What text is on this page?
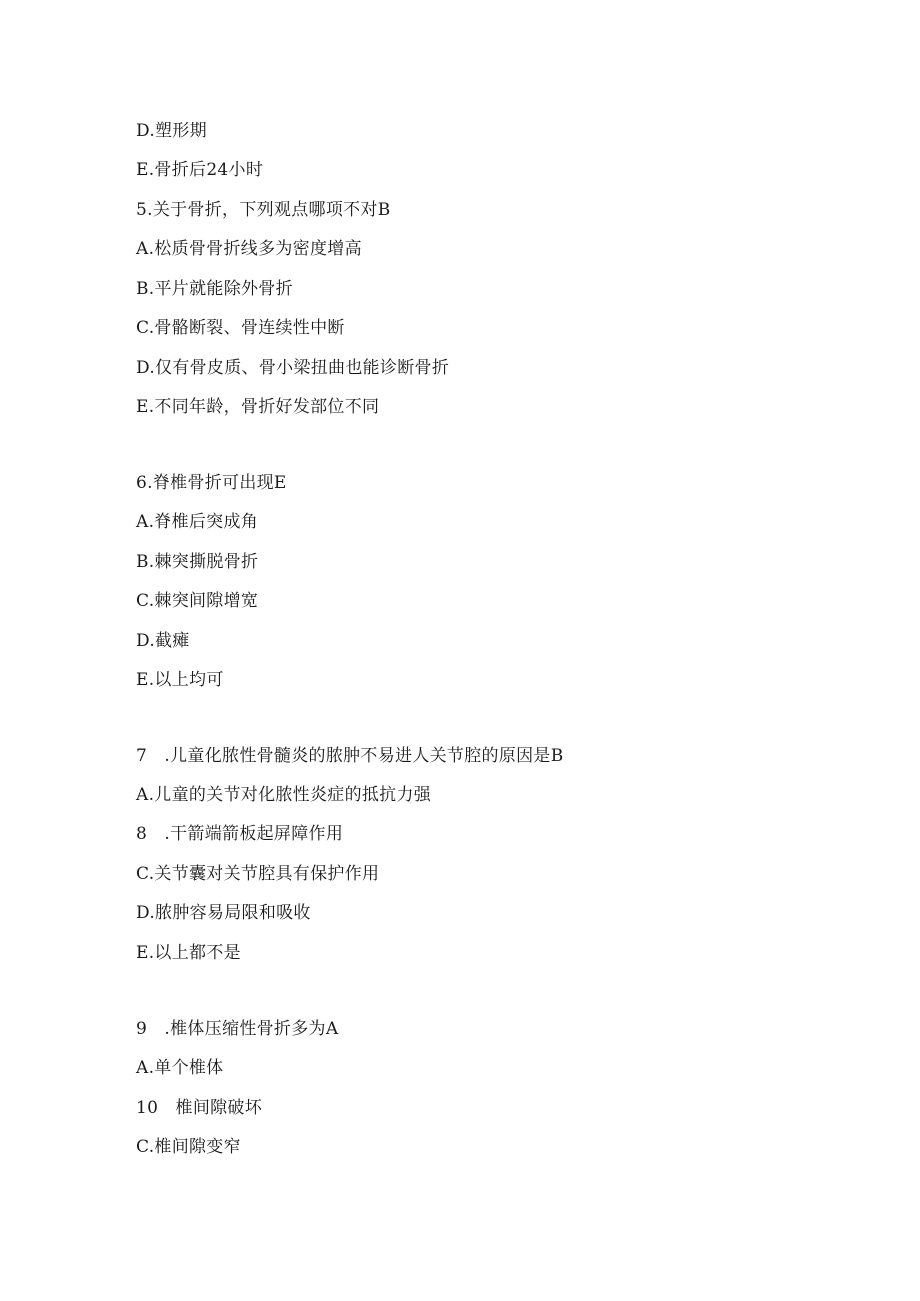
D.塑形期
E.骨折后24小时
5.关于骨折，下列观点哪项不对B
A.松质骨骨折线多为密度增高
B.平片就能除外骨折
C.骨骼断裂、骨连续性中断
D.仅有骨皮质、骨小梁扭曲也能诊断骨折
E.不同年龄，骨折好发部位不同
6.脊椎骨折可出现E
A.脊椎后突成角
B.棘突撕脱骨折
C.棘突间隙增宽
D.截瘫
E.以上均可
7　.儿童化脓性骨髓炎的脓肿不易进人关节腔的原因是B
A.儿童的关节对化脓性炎症的抵抗力强
8　.干箭端箭板起屏障作用
C.关节囊对关节腔具有保护作用
D.脓肿容易局限和吸收
E.以上都不是
9　.椎体压缩性骨折多为A
A.单个椎体
10　椎间隙破坏
C.椎间隙变窄
